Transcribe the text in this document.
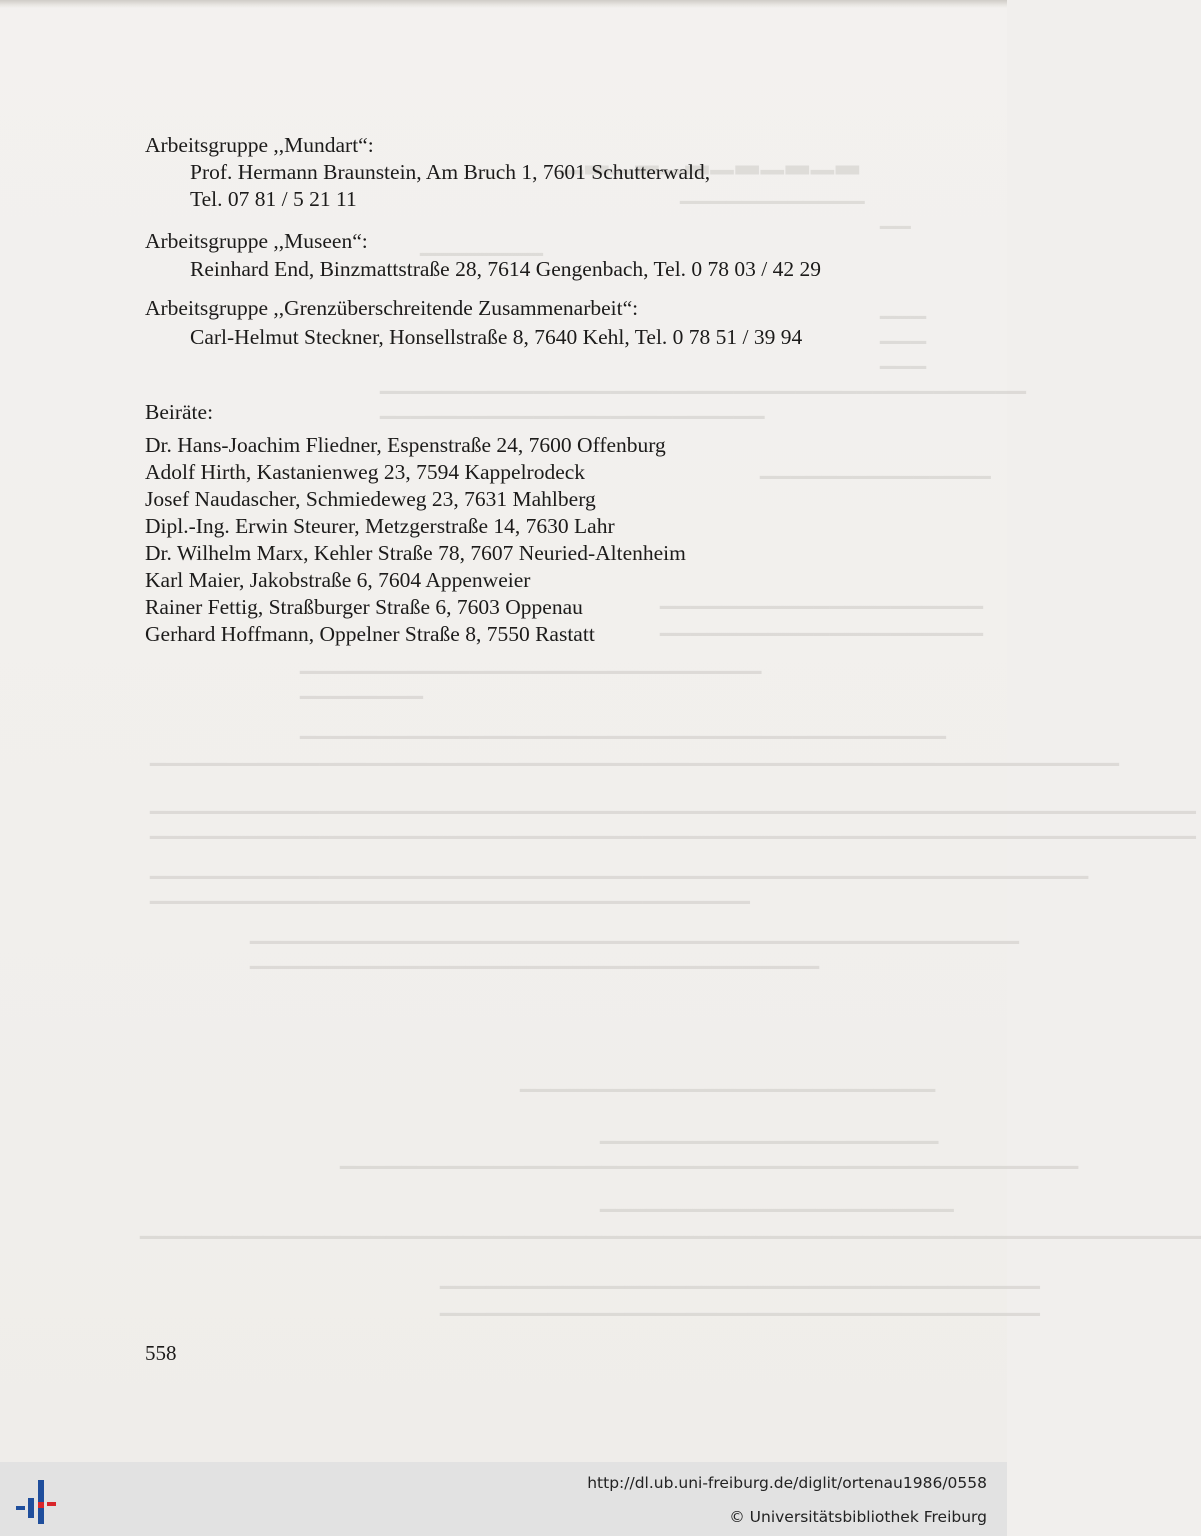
▁▂▁▂▁▂▁▂▁▂▁▂
▁▁▁▁▁▁▁▁▁▁▁▁
▁▁
▁▁▁▁▁▁▁▁
▁▁▁
▁▁▁
▁▁▁
▁▁▁▁▁▁▁▁▁▁▁▁▁▁▁▁▁▁▁▁▁▁▁▁▁▁▁▁▁▁▁▁▁▁▁▁▁▁▁▁▁▁
▁▁▁▁▁▁▁▁▁▁▁▁▁▁▁▁▁▁▁▁▁▁▁▁▁
▁▁▁▁▁▁▁▁▁▁▁▁▁▁▁
▁▁▁▁▁▁▁▁▁▁▁▁▁▁▁▁▁▁▁▁▁
▁▁▁▁▁▁▁▁▁▁▁▁▁▁▁▁▁▁▁▁▁
▁▁▁▁▁▁▁▁▁▁▁▁▁▁▁▁▁▁▁▁▁▁▁▁▁▁▁▁▁▁
▁▁▁▁▁▁▁▁
▁▁▁▁▁▁▁▁▁▁▁▁▁▁▁▁▁▁▁▁▁▁▁▁▁▁▁▁▁▁▁▁▁▁▁▁▁▁▁▁▁▁
▁▁▁▁▁▁▁▁▁▁▁▁▁▁▁▁▁▁▁▁▁▁▁▁▁▁▁▁▁▁▁▁▁▁▁▁▁▁▁▁▁▁▁▁▁▁▁▁▁▁▁▁▁▁▁▁▁▁▁▁▁▁▁
▁▁▁▁▁▁▁▁▁▁▁▁▁▁▁▁▁▁▁▁▁▁▁▁▁▁▁▁▁▁▁▁▁▁▁▁▁▁▁▁▁▁▁▁▁▁▁▁▁▁▁▁▁▁▁▁▁▁▁▁▁▁▁▁▁▁▁▁
▁▁▁▁▁▁▁▁▁▁▁▁▁▁▁▁▁▁▁▁▁▁▁▁▁▁▁▁▁▁▁▁▁▁▁▁▁▁▁▁▁▁▁▁▁▁▁▁▁▁▁▁▁▁▁▁▁▁▁▁▁▁▁▁▁▁▁▁
▁▁▁▁▁▁▁▁▁▁▁▁▁▁▁▁▁▁▁▁▁▁▁▁▁▁▁▁▁▁▁▁▁▁▁▁▁▁▁▁▁▁▁▁▁▁▁▁▁▁▁▁▁▁▁▁▁▁▁▁▁
▁▁▁▁▁▁▁▁▁▁▁▁▁▁▁▁▁▁▁▁▁▁▁▁▁▁▁▁▁▁▁▁▁▁▁▁▁▁▁
▁▁▁▁▁▁▁▁▁▁▁▁▁▁▁▁▁▁▁▁▁▁▁▁▁▁▁▁▁▁▁▁▁▁▁▁▁▁▁▁▁▁▁▁▁▁▁▁▁▁
▁▁▁▁▁▁▁▁▁▁▁▁▁▁▁▁▁▁▁▁▁▁▁▁▁▁▁▁▁▁▁▁▁▁▁▁▁
▁▁▁▁▁▁▁▁▁▁▁▁▁▁▁▁▁▁▁▁▁▁▁▁▁▁▁
▁▁▁▁▁▁▁▁▁▁▁▁▁▁▁▁▁▁▁▁▁▁
▁▁▁▁▁▁▁▁▁▁▁▁▁▁▁▁▁▁▁▁▁▁▁▁▁▁▁▁▁▁▁▁▁▁▁▁▁▁▁▁▁▁▁▁▁▁▁▁
▁▁▁▁▁▁▁▁▁▁▁▁▁▁▁▁▁▁▁▁▁▁▁
▁▁▁▁▁▁▁▁▁▁▁▁▁▁▁▁▁▁▁▁▁▁▁▁▁▁▁▁▁▁▁▁▁▁▁▁▁▁▁▁▁▁▁▁▁▁▁▁▁▁▁▁▁▁▁▁▁▁▁▁▁▁▁▁▁▁▁▁▁
▁▁▁▁▁▁▁▁▁▁▁▁▁▁▁▁▁▁▁▁▁▁▁▁▁▁▁▁▁▁▁▁▁▁▁▁▁▁▁
▁▁▁▁▁▁▁▁▁▁▁▁▁▁▁▁▁▁▁▁▁▁▁▁▁▁▁▁▁▁▁▁▁▁▁▁▁▁▁
Arbeitsgruppe ,,Mundart“:
Prof. Hermann Braunstein, Am Bruch 1, 7601 Schutterwald,
Tel. 07 81 / 5 21 11
Arbeitsgruppe ,,Museen“:
Reinhard End, Binzmattstraße 28, 7614 Gengenbach, Tel. 0 78 03 / 42 29
Arbeitsgruppe ,,Grenzüberschreitende Zusammenarbeit“:
Carl-Helmut Steckner, Honsellstraße 8, 7640 Kehl, Tel. 0 78 51 / 39 94
Beiräte:
Dr. Hans-Joachim Fliedner, Espenstraße 24, 7600 Offenburg
Adolf Hirth, Kastanienweg 23, 7594 Kappelrodeck
Josef Naudascher, Schmiedeweg 23, 7631 Mahlberg
Dipl.-Ing. Erwin Steurer, Metzgerstraße 14, 7630 Lahr
Dr. Wilhelm Marx, Kehler Straße 78, 7607 Neuried-Altenheim
Karl Maier, Jakobstraße 6, 7604 Appenweier
Rainer Fettig, Straßburger Straße 6, 7603 Oppenau
Gerhard Hoffmann, Oppelner Straße 8, 7550 Rastatt
558
http://dl.ub.uni-freiburg.de/diglit/ortenau1986/0558
© Universitätsbibliothek Freiburg
